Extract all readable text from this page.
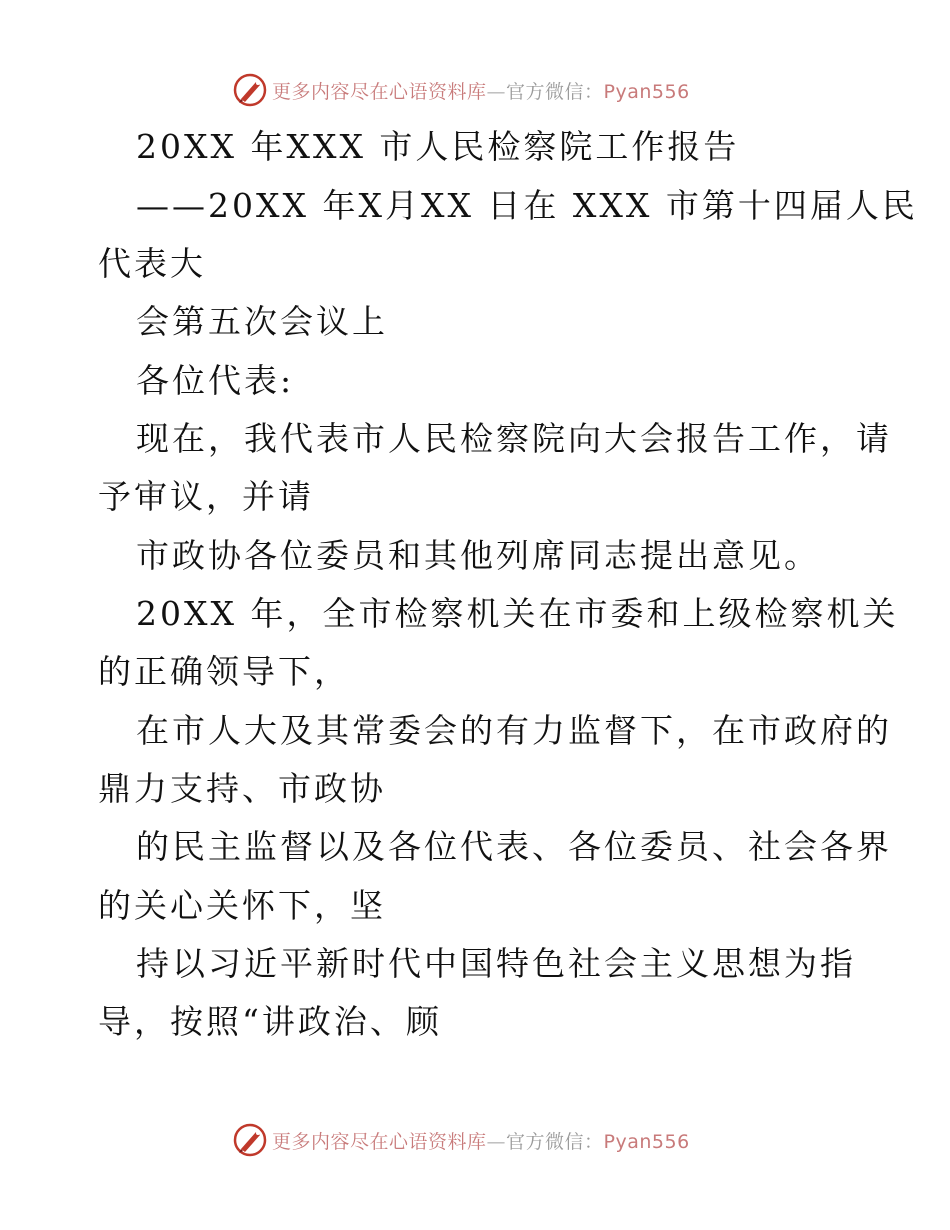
更多内容尽在心语资料库—官方微信：Pyan556
20XX 年XXX 市人民检察院工作报告
——20XX 年X月XX 日在 XXX 市第十四届人民
代表大
会第五次会议上
各位代表:
现在，我代表市人民检察院向大会报告工作，请
予审议，并请
市政协各位委员和其他列席同志提出意见。
20XX 年，全市检察机关在市委和上级检察机关
的正确领导下，
在市人大及其常委会的有力监督下，在市政府的
鼎力支持、市政协
的民主监督以及各位代表、各位委员、社会各界
的关心关怀下，坚
持以习近平新时代中国特色社会主义思想为指
导，按照“讲政治、顾
更多内容尽在心语资料库—官方微信：Pyan556
